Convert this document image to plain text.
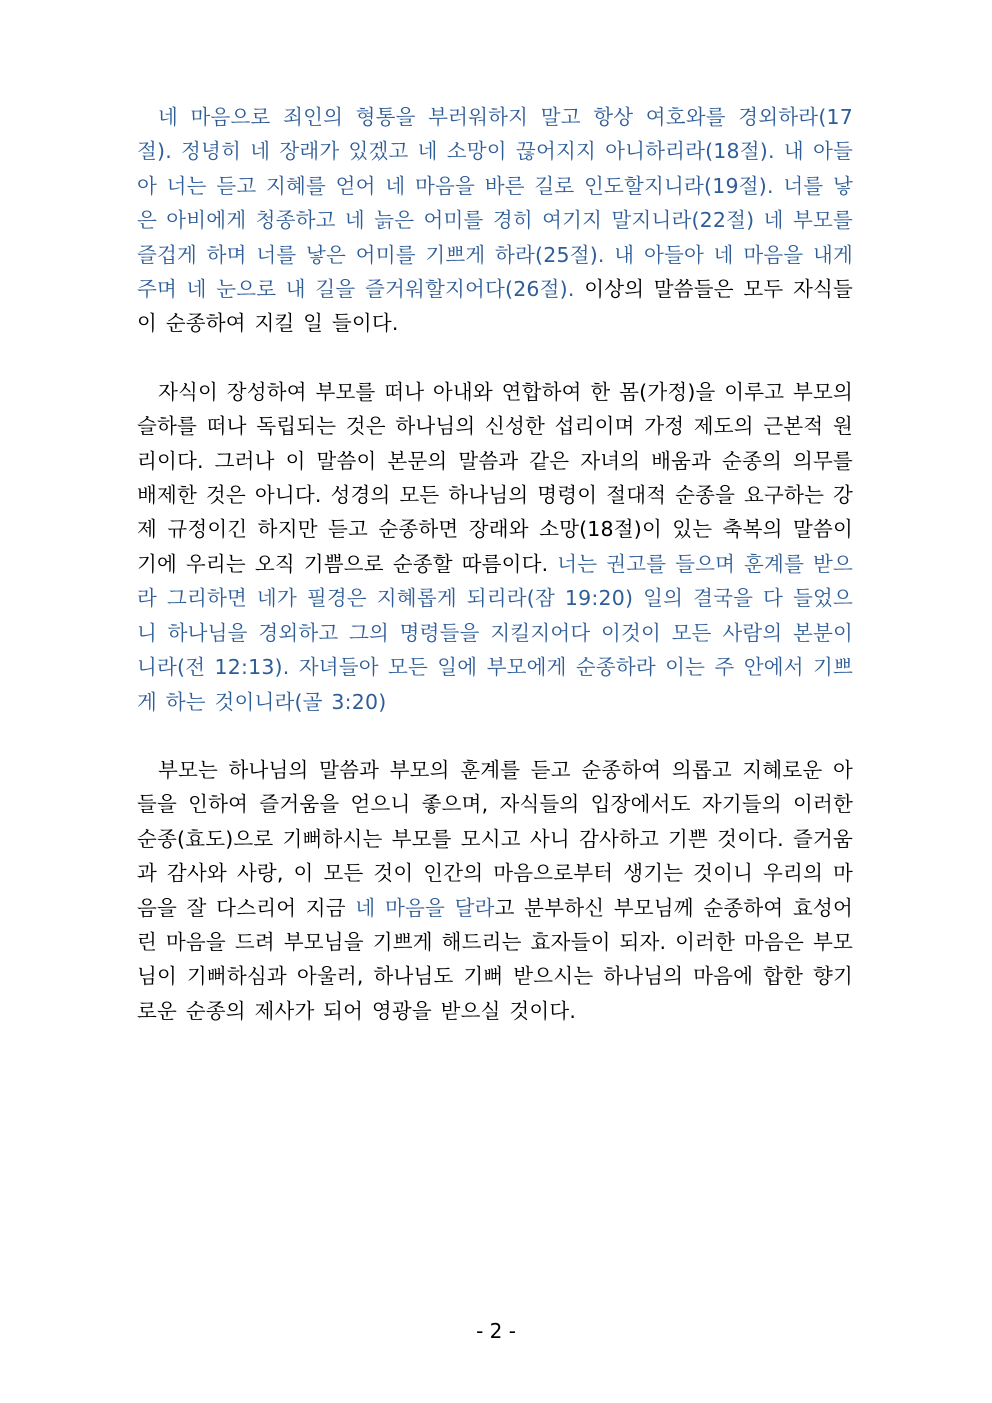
네 마음으로 죄인의 형통을 부러워하지 말고 항상 여호와를 경외하라(17절). 정녕히 네 장래가 있겠고 네 소망이 끊어지지 아니하리라(18절). 내 아들아 너는 듣고 지혜를 얻어 네 마음을 바른 길로 인도할지니라(19절). 너를 낳은 아비에게 청종하고 네 늙은 어미를 경히 여기지 말지니라(22절) 네 부모를 즐겁게 하며 너를 낳은 어미를 기쁘게 하라(25절). 내 아들아 네 마음을 내게 주며 네 눈으로 내 길을 즐거워할지어다(26절). 이상의 말씀들은 모두 자식들이 순종하여 지킬 일 들이다.

자식이 장성하여 부모를 떠나 아내와 연합하여 한 몸(가정)을 이루고 부모의 슬하를 떠나 독립되는 것은 하나님의 신성한 섭리이며 가정 제도의 근본적 원리이다. 그러나 이 말씀이 본문의 말씀과 같은 자녀의 배움과 순종의 의무를 배제한 것은 아니다. 성경의 모든 하나님의 명령이 절대적 순종을 요구하는 강제 규정이긴 하지만 듣고 순종하면 장래와 소망(18절)이 있는 축복의 말씀이기에 우리는 오직 기쁨으로 순종할 따름이다. 너는 권고를 들으며 훈계를 받으라 그리하면 네가 필경은 지혜롭게 되리라(잠 19:20) 일의 결국을 다 들었으니 하나님을 경외하고 그의 명령들을 지킬지어다 이것이 모든 사람의 본분이니라(전 12:13). 자녀들아 모든 일에 부모에게 순종하라 이는 주 안에서 기쁘게 하는 것이니라(골 3:20)

부모는 하나님의 말씀과 부모의 훈계를 듣고 순종하여 의롭고 지혜로운 아들을 인하여 즐거움을 얻으니 좋으며, 자식들의 입장에서도 자기들의 이러한 순종(효도)으로 기뻐하시는 부모를 모시고 사니 감사하고 기쁜 것이다. 즐거움과 감사와 사랑, 이 모든 것이 인간의 마음으로부터 생기는 것이니 우리의 마음을 잘 다스리어 지금 네 마음을 달라고 분부하신 부모님께 순종하여 효성어린 마음을 드려 부모님을 기쁘게 해드리는 효자들이 되자. 이러한 마음은 부모님이 기뻐하심과 아울러, 하나님도 기뻐 받으시는 하나님의 마음에 합한 향기로운 순종의 제사가 되어 영광을 받으실 것이다.

- 2 -
